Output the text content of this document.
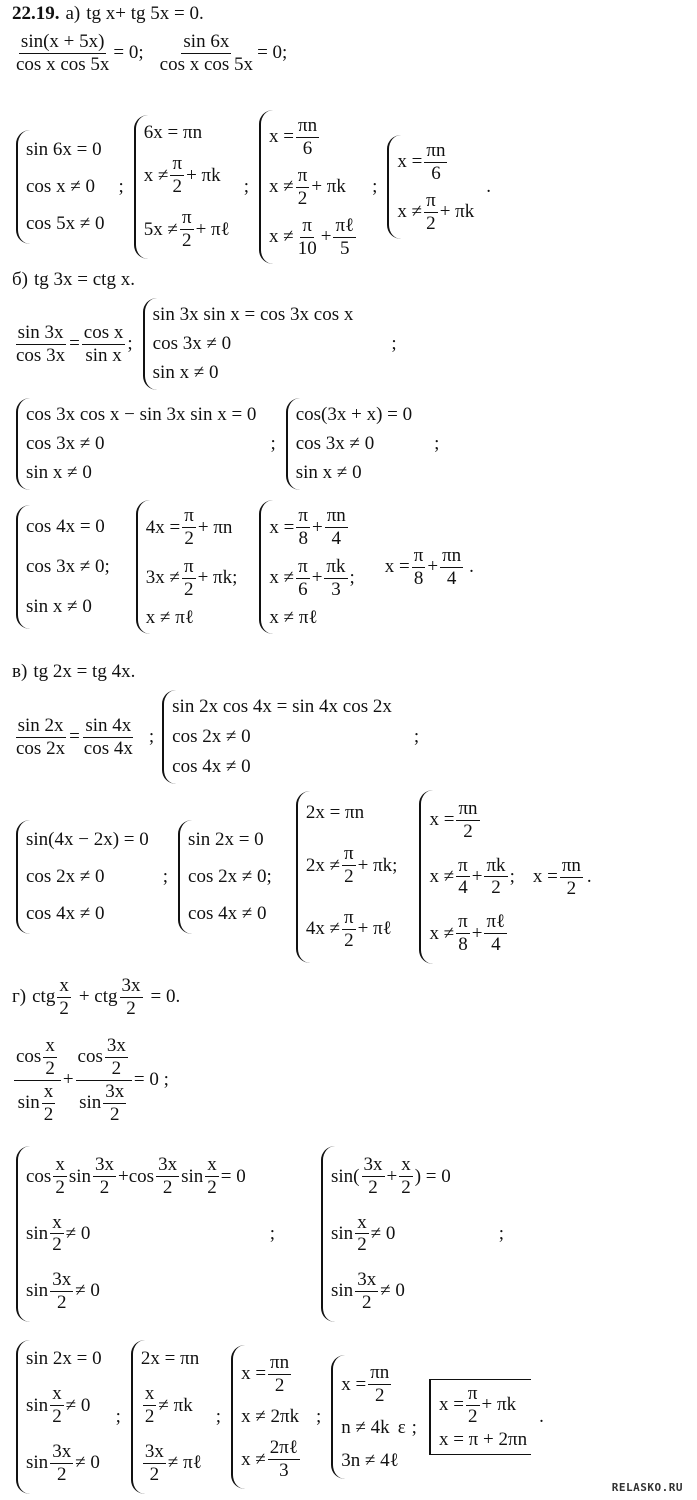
22.19. а) tg x+ tg 5x = 0.
$\frac{\sin(x + 5x)}{\text{cos x cos 5x}} = 0$; $\frac{\sin 6x}{\text{cos x cos 5x}} = 0$;
sin 6x = 0
cos x ≠ 0
cos 5x ≠ 0
;
6x = πn
$x \ne \frac{\pi}{2} + \pi k$
$5x \ne \frac{\pi}{2}$ + πℓ
;
$x = \frac{\pi n}{6}$
$x \ne \frac{\pi}{2} + \pi k$
$x \ne \frac{\pi}{10} + \frac{\text{πℓ}}{5}$
;
$x = \frac{\pi n}{6}$
$x \ne \frac{\pi}{2} + \pi k$
.
б) tg 3x = ctg x.
$\frac{\sin 3x}{\cos 3x} = \frac{\text{cos x}}{\text{sin x}}$ ;
sin 3x sin x = cos 3x cos x
cos 3x ≠ 0
sin x ≠ 0
;
cos 3x cos x − sin 3x sin x = 0
cos 3x ≠ 0
sin x ≠ 0
;
cos(3x + x) = 0
cos 3x ≠ 0
sin x ≠ 0
;
cos 4x = 0
cos 3x ≠ 0;
sin x ≠ 0
$4x = \frac{\pi}{2} + \pi n$
$3x \ne \frac{\pi}{2} + \pi k$;
x ≠ πℓ
$x = \frac{\pi}{8} + \frac{\pi n}{4}$
$x \ne \frac{\pi}{6} + \frac{\pi k}{3}$ ;
x ≠ πℓ
$x = \frac{\pi}{8} + \frac{\pi n}{4}$ .
в) tg 2x = tg 4x.
$\frac{\sin 2x}{\cos 2x} = \frac{\sin 4x}{\cos 4x}$ ;
sin 2x cos 4x = sin 4x cos 2x
cos 2x ≠ 0
cos 4x ≠ 0
;
sin(4x − 2x) = 0
cos 2x ≠ 0
cos 4x ≠ 0
;
sin 2x = 0
cos 2x ≠ 0;
cos 4x ≠ 0
2x = πn
$2x \ne \frac{\pi}{2} + \pi k$;
$4x \ne \frac{\pi}{2}$ + πℓ
$x = \frac{\pi n}{2}$
$x \ne \frac{\pi}{4} + \frac{\pi k}{2}$ ;
$x \ne \frac{\pi}{8} + \frac{\text{πℓ}}{4}$
$x = \frac{\pi n}{2}$ .
г) ctg $\frac{x}{2}$ + ctg $\frac{3x}{2} = 0$.
$\frac{\cos \frac{x}{2}}{\sin \frac{x}{2}} + \frac{\cos \frac{3x}{2}}{\sin \frac{3x}{2}} = 0$ ;
$\cos \frac{x}{2}$ $\sin \frac{3x}{2} + \cos \frac{3x}{2}$ $\sin \frac{x}{2} = 0$
$\sin \frac{x}{2} \ne 0$
$\sin \frac{3x}{2} \ne 0$
;
$\sin( \frac{3x}{2} + \frac{x}{2}$ ) = 0
$\sin \frac{x}{2} \ne 0$
$\sin \frac{3x}{2} \ne 0$
;
sin 2x = 0
$\sin \frac{x}{2} \ne 0$
$\sin \frac{3x}{2} \ne 0$
;
2x = πn
$\frac{x}{2} \ne \pi k$
$\frac{3x}{2}$ ≠ πℓ
;
$x = \frac{\pi n}{2}$
x ≠ 2πk
$x \ne \frac{\text{2πℓ}}{3}$
;
$x = \frac{\pi n}{2}$
n ≠ 4k ε ;
3n ≠ 4ℓ
$x = \frac{\pi}{2} + \pi k$
x = π + 2πn
.
RELASKO.RU
